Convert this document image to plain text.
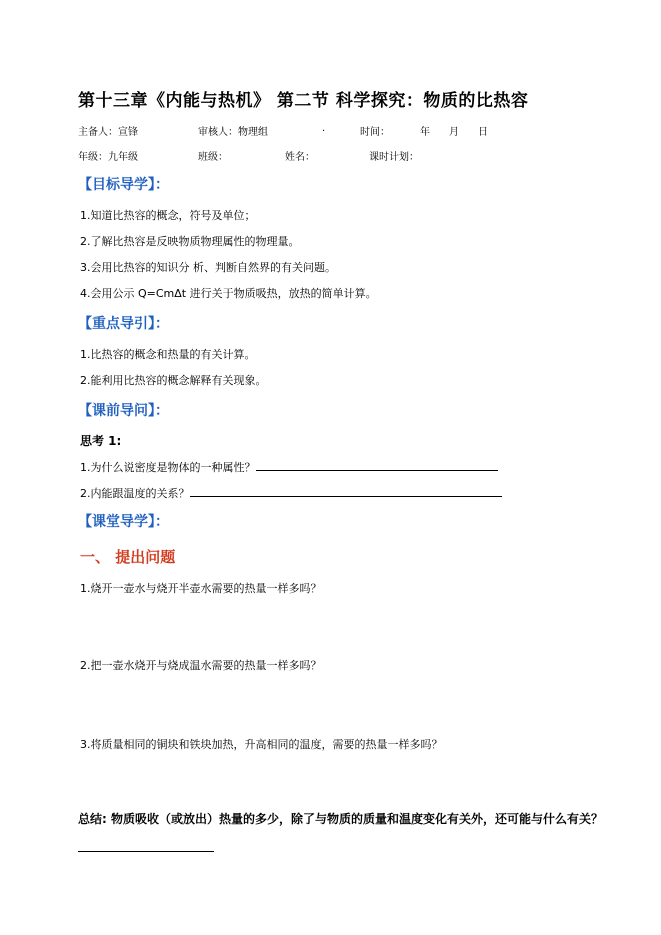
第十三章《内能与热机》 第二节 科学探究：物质的比热容
主备人：宣锋	审核人：物理组	.	时间：	年 月 日
年级：九年级	班级：	姓名：	课时计划：
【目标导学】：
1.知道比热容的概念，符号及单位；
2.了解比热容是反映物质物理属性的物理量。
3.会用比热容的知识分 析、判断自然界的有关问题。
4.会用公示 Q=CmΔt 进行关于物质吸热，放热的简单计算。
【重点导引】：
1.比热容的概念和热量的有关计算。
2.能利用比热容的概念解释有关现象。
【课前导问】：
思考 1:
1.为什么说密度是物体的一种属性？
2.内能跟温度的关系？
【课堂导学】：
一、 提出问题
1.烧开一壶水与烧开半壶水需要的热量一样多吗？
2.把一壶水烧开与烧成温水需要的热量一样多吗？
3.将质量相同的铜块和铁块加热，升高相同的温度，需要的热量一样多吗？
总结: 物质吸收（或放出）热量的多少，除了与物质的质量和温度变化有关外，还可能与什么有关？
